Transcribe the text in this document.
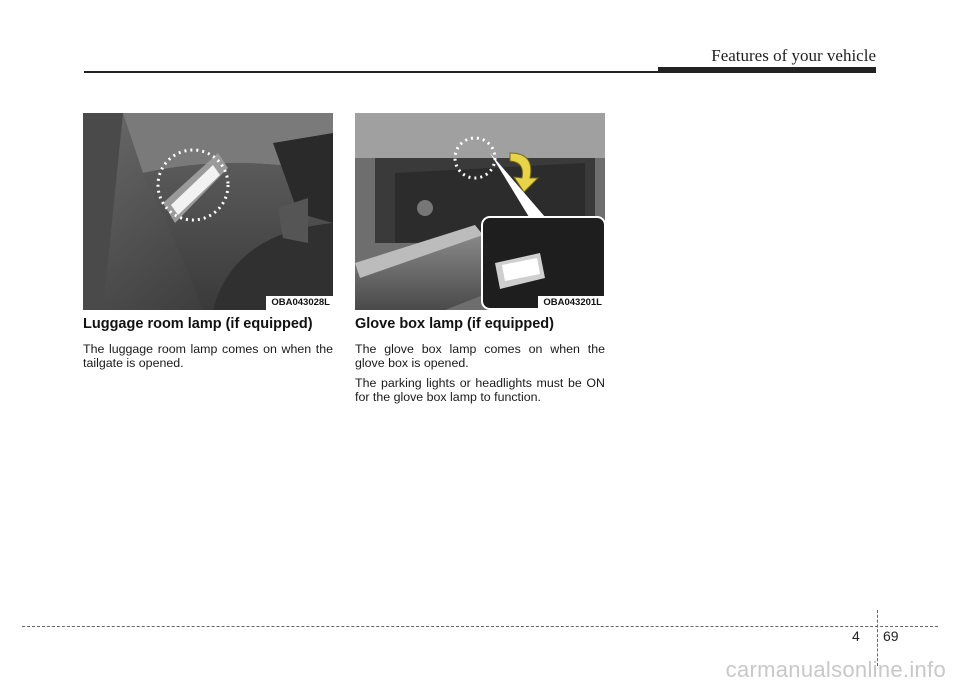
Features of your vehicle
OBA043028L	OBA043201L
Luggage room lamp (if equipped)

The luggage room lamp comes on when the tailgate is opened.

Glove box lamp (if equipped)

The glove box lamp comes on when the glove box is opened.

The parking lights or headlights must be ON for the glove box lamp to function.

4 69
carmanualsonline.info
